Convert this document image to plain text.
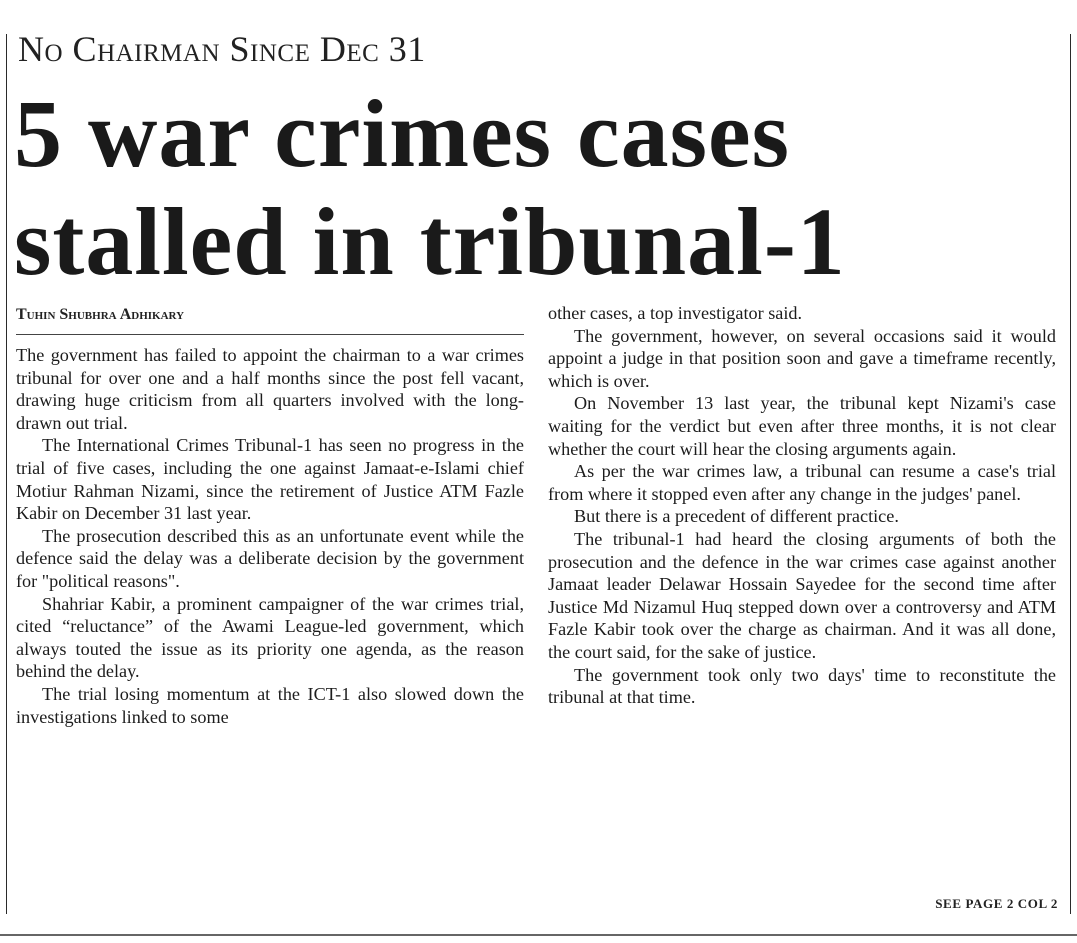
No Chairman Since Dec 31
5 war crimes cases stalled in tribunal-1
Tuhin Shubhra Adhikary

The government has failed to appoint the chairman to a war crimes tribunal for over one and a half months since the post fell vacant, drawing huge criticism from all quarters involved with the long-drawn out trial.

The International Crimes Tribunal-1 has seen no progress in the trial of five cases, including the one against Jamaat-e-Islami chief Motiur Rahman Nizami, since the retirement of Justice ATM Fazle Kabir on December 31 last year.

The prosecution described this as an unfortunate event while the defence said the delay was a deliberate decision by the government for "political reasons".

Shahriar Kabir, a prominent campaigner of the war crimes trial, cited “reluctance” of the Awami League-led government, which always touted the issue as its priority one agenda, as the reason behind the delay.

The trial losing momentum at the ICT-1 also slowed down the investigations linked to some

other cases, a top investigator said.

The government, however, on several occasions said it would appoint a judge in that position soon and gave a timeframe recently, which is over.

On November 13 last year, the tribunal kept Nizami's case waiting for the verdict but even after three months, it is not clear whether the court will hear the closing arguments again.

As per the war crimes law, a tribunal can resume a case's trial from where it stopped even after any change in the judges' panel.

But there is a precedent of different practice.

The tribunal-1 had heard the closing arguments of both the prosecution and the defence in the war crimes case against another Jamaat leader Delawar Hossain Sayedee for the second time after Justice Md Nizamul Huq stepped down over a controversy and ATM Fazle Kabir took over the charge as chairman. And it was all done, the court said, for the sake of justice.

The government took only two days' time to reconstitute the tribunal at that time.

SEE PAGE 2 COL 2
